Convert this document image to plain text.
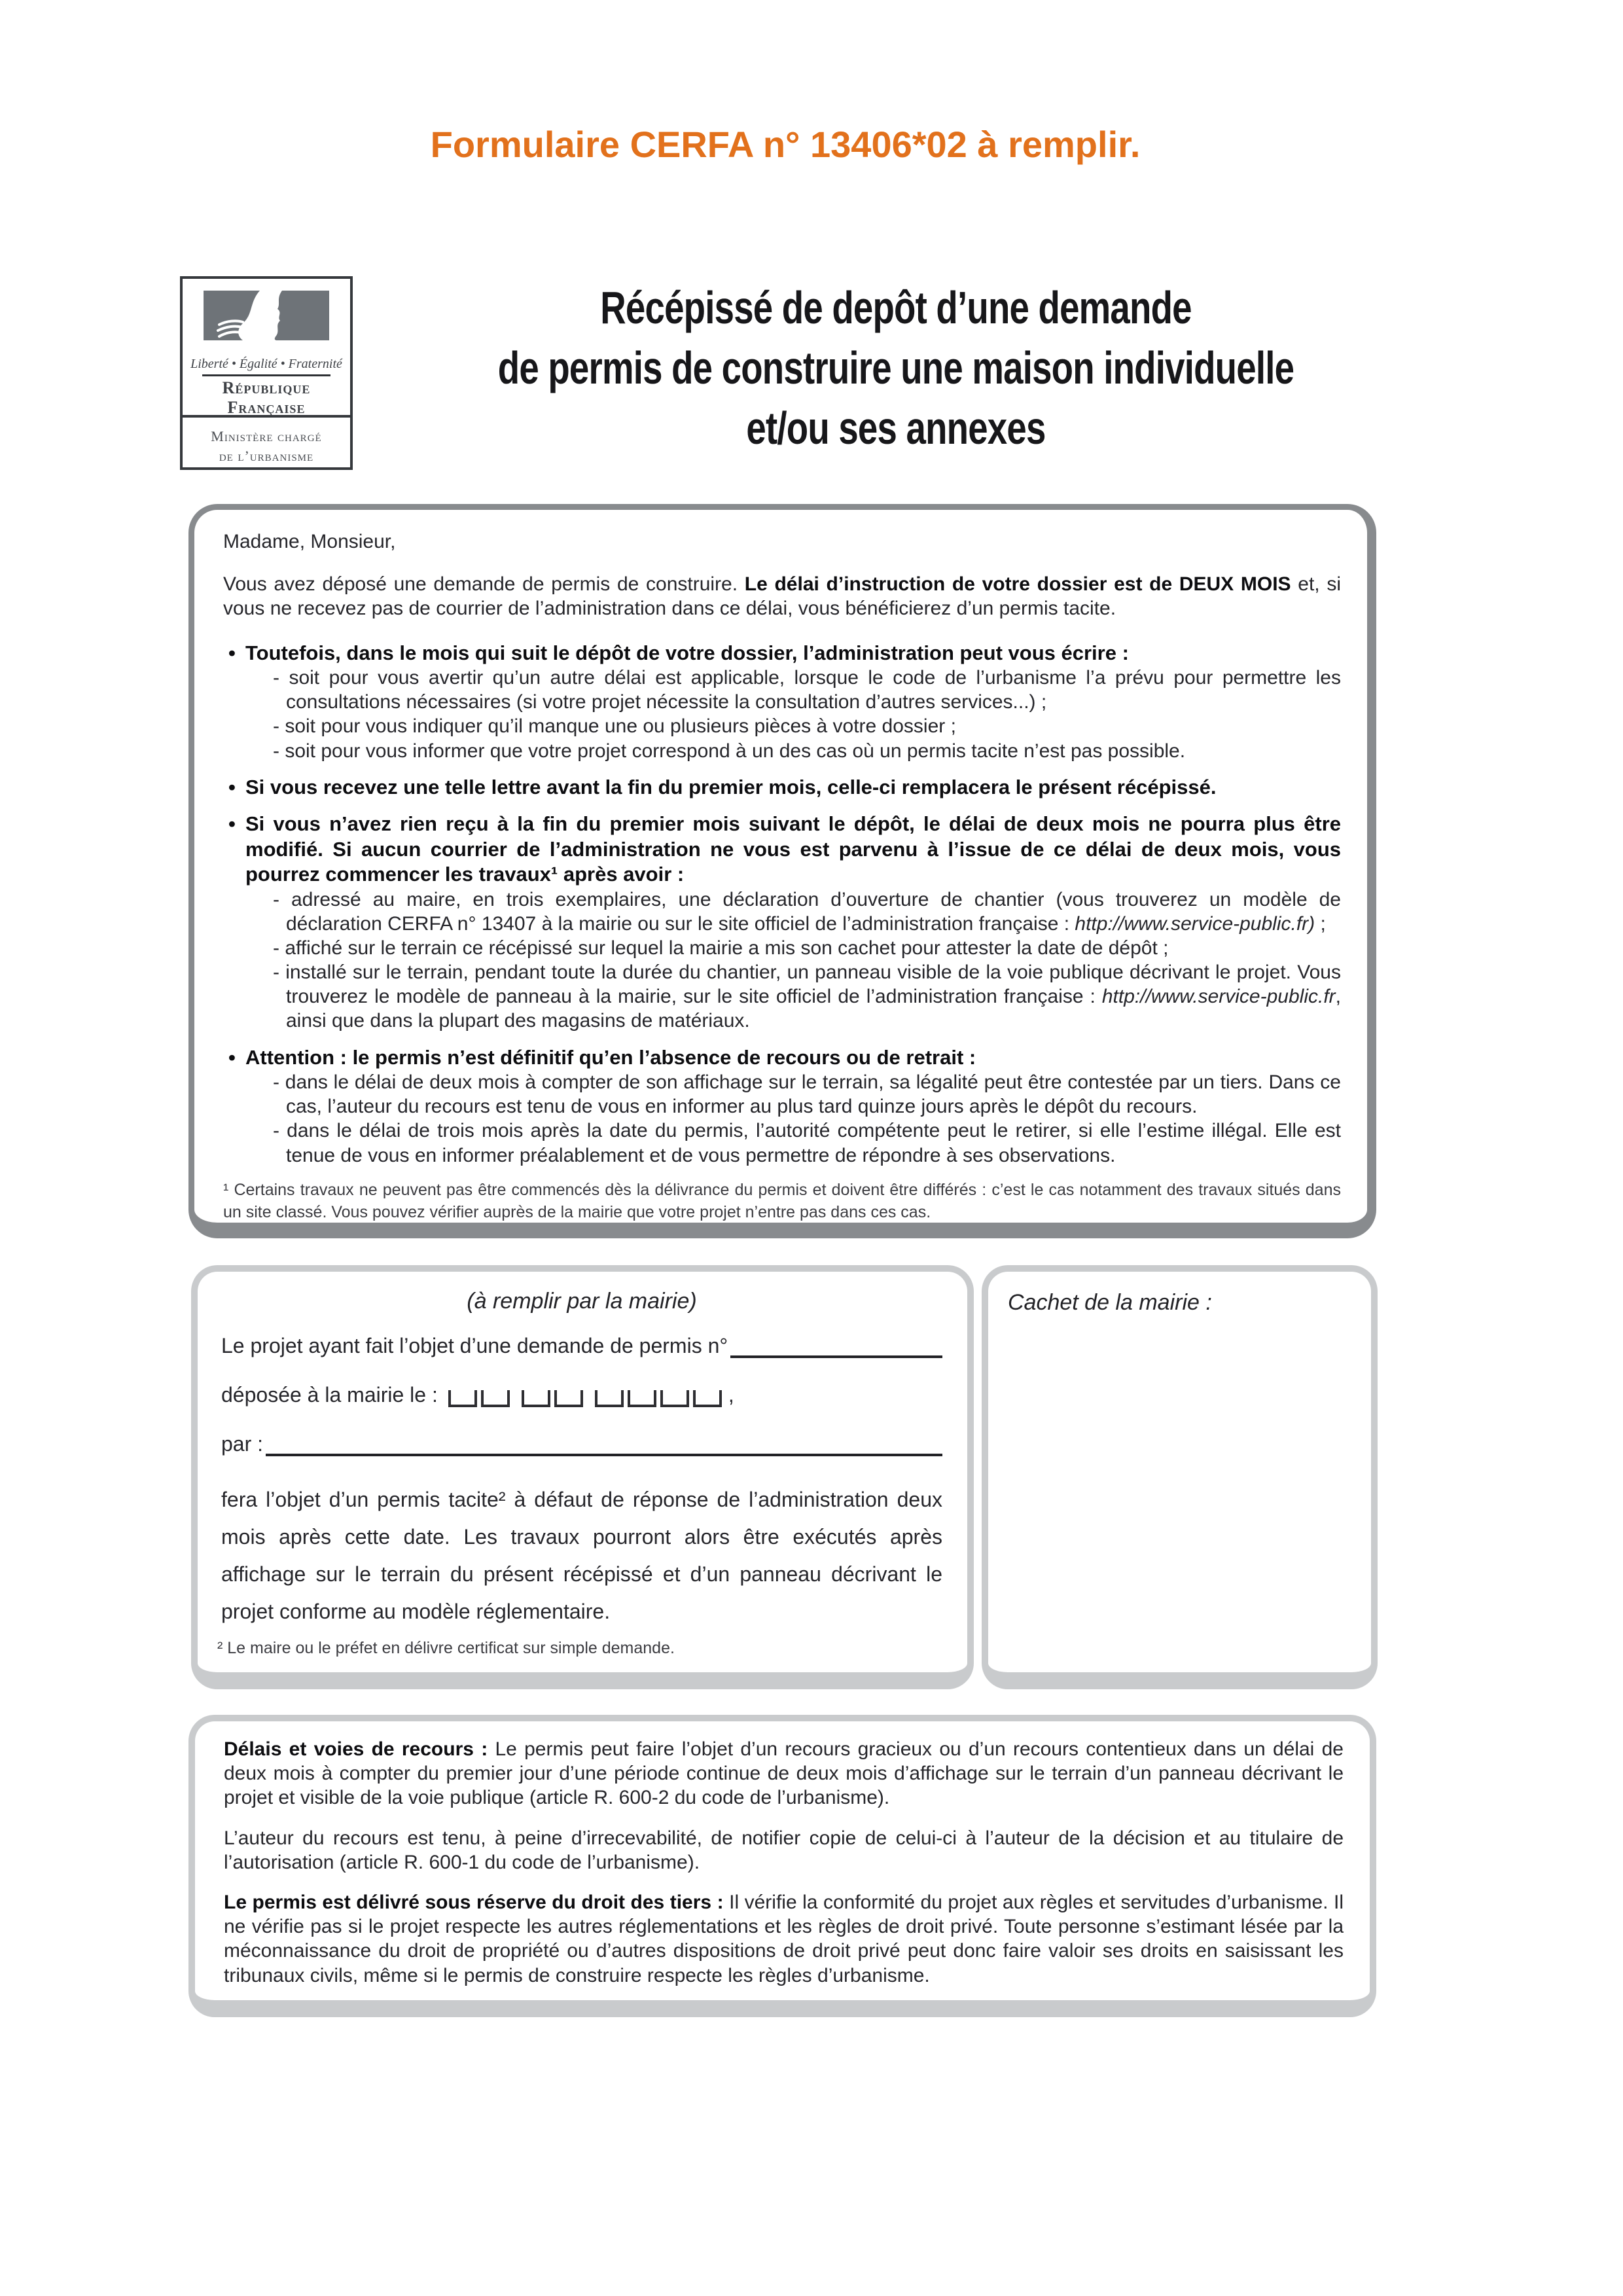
Formulaire CERFA n° 13406*02 à remplir.
Liberté • Égalité • Fraternité
République Française
Ministère chargé
de l’urbanisme
Récépissé de depôt d’une demande
de permis de construire une maison individuelle
et/ou ses annexes

Madame, Monsieur,

Vous avez déposé une demande de permis de construire. Le délai d’instruction de votre dossier est de DEUX MOIS et, si vous ne recevez pas de courrier de l’administration dans ce délai, vous bénéficierez d’un permis tacite.

• Toutefois, dans le mois qui suit le dépôt de votre dossier, l’administration peut vous écrire :

- soit pour vous avertir qu’un autre délai est applicable, lorsque le code de l’urbanisme l’a prévu pour permettre les consultations nécessaires (si votre projet nécessite la consultation d’autres services...) ;

- soit pour vous indiquer qu’il manque une ou plusieurs pièces à votre dossier ;

- soit pour vous informer que votre projet correspond à un des cas où un permis tacite n’est pas possible.

• Si vous recevez une telle lettre avant la fin du premier mois, celle-ci remplacera le présent récépissé.

• Si vous n’avez rien reçu à la fin du premier mois suivant le dépôt, le délai de deux mois ne pourra plus être modifié. Si aucun courrier de l’administration ne vous est parvenu à l’issue de ce délai de deux mois, vous pourrez commencer les travaux¹ après avoir :

- adressé au maire, en trois exemplaires, une déclaration d’ouverture de chantier (vous trouverez un modèle de déclaration CERFA n° 13407 à la mairie ou sur le site officiel de l’administration française : http://www.service-public.fr) ;

- affiché sur le terrain ce récépissé sur lequel la mairie a mis son cachet pour attester la date de dépôt ;

- installé sur le terrain, pendant toute la durée du chantier, un panneau visible de la voie publique décrivant le projet. Vous trouverez le modèle de panneau à la mairie, sur le site officiel de l’administration française : http://www.service-public.fr, ainsi que dans la plupart des magasins de matériaux.

• Attention : le permis n’est définitif qu’en l’absence de recours ou de retrait :

- dans le délai de deux mois à compter de son affichage sur le terrain, sa légalité peut être contestée par un tiers. Dans ce cas, l’auteur du recours est tenu de vous en informer au plus tard quinze jours après le dépôt du recours.

- dans le délai de trois mois après la date du permis, l’autorité compétente peut le retirer, si elle l’estime illégal. Elle est tenue de vous en informer préalablement et de vous permettre de répondre à ses observations.

¹ Certains travaux ne peuvent pas être commencés dès la délivrance du permis et doivent être différés : c’est le cas notamment des travaux situés dans un site classé. Vous pouvez vérifier auprès de la mairie que votre projet n’entre pas dans ces cas.

(à remplir par la mairie)
Le projet ayant fait l’objet d’une demande de permis n°
déposée à la mairie le :	,
par :

fera l’objet d’un permis tacite² à défaut de réponse de l’administration deux mois après cette date. Les travaux pourront alors être exécutés après affichage sur le terrain du présent récépissé et d’un panneau décrivant le projet conforme au modèle réglementaire.

² Le maire ou le préfet en délivre certificat sur simple demande.
Cachet de la mairie :

Délais et voies de recours : Le permis peut faire l’objet d’un recours gracieux ou d’un recours contentieux dans un délai de deux mois à compter du premier jour d’une période continue de deux mois d’affichage sur le terrain d’un panneau décrivant le projet et visible de la voie publique (article R. 600-2 du code de l’urbanisme).

L’auteur du recours est tenu, à peine d’irrecevabilité, de notifier copie de celui-ci à l’auteur de la décision et au titulaire de l’autorisation (article R. 600-1 du code de l’urbanisme).

Le permis est délivré sous réserve du droit des tiers : Il vérifie la conformité du projet aux règles et servitudes d’urbanisme. Il ne vérifie pas si le projet respecte les autres réglementations et les règles de droit privé. Toute personne s’estimant lésée par la méconnaissance du droit de propriété ou d’autres dispositions de droit privé peut donc faire valoir ses droits en saisissant les tribunaux civils, même si le permis de construire respecte les règles d’urbanisme.
